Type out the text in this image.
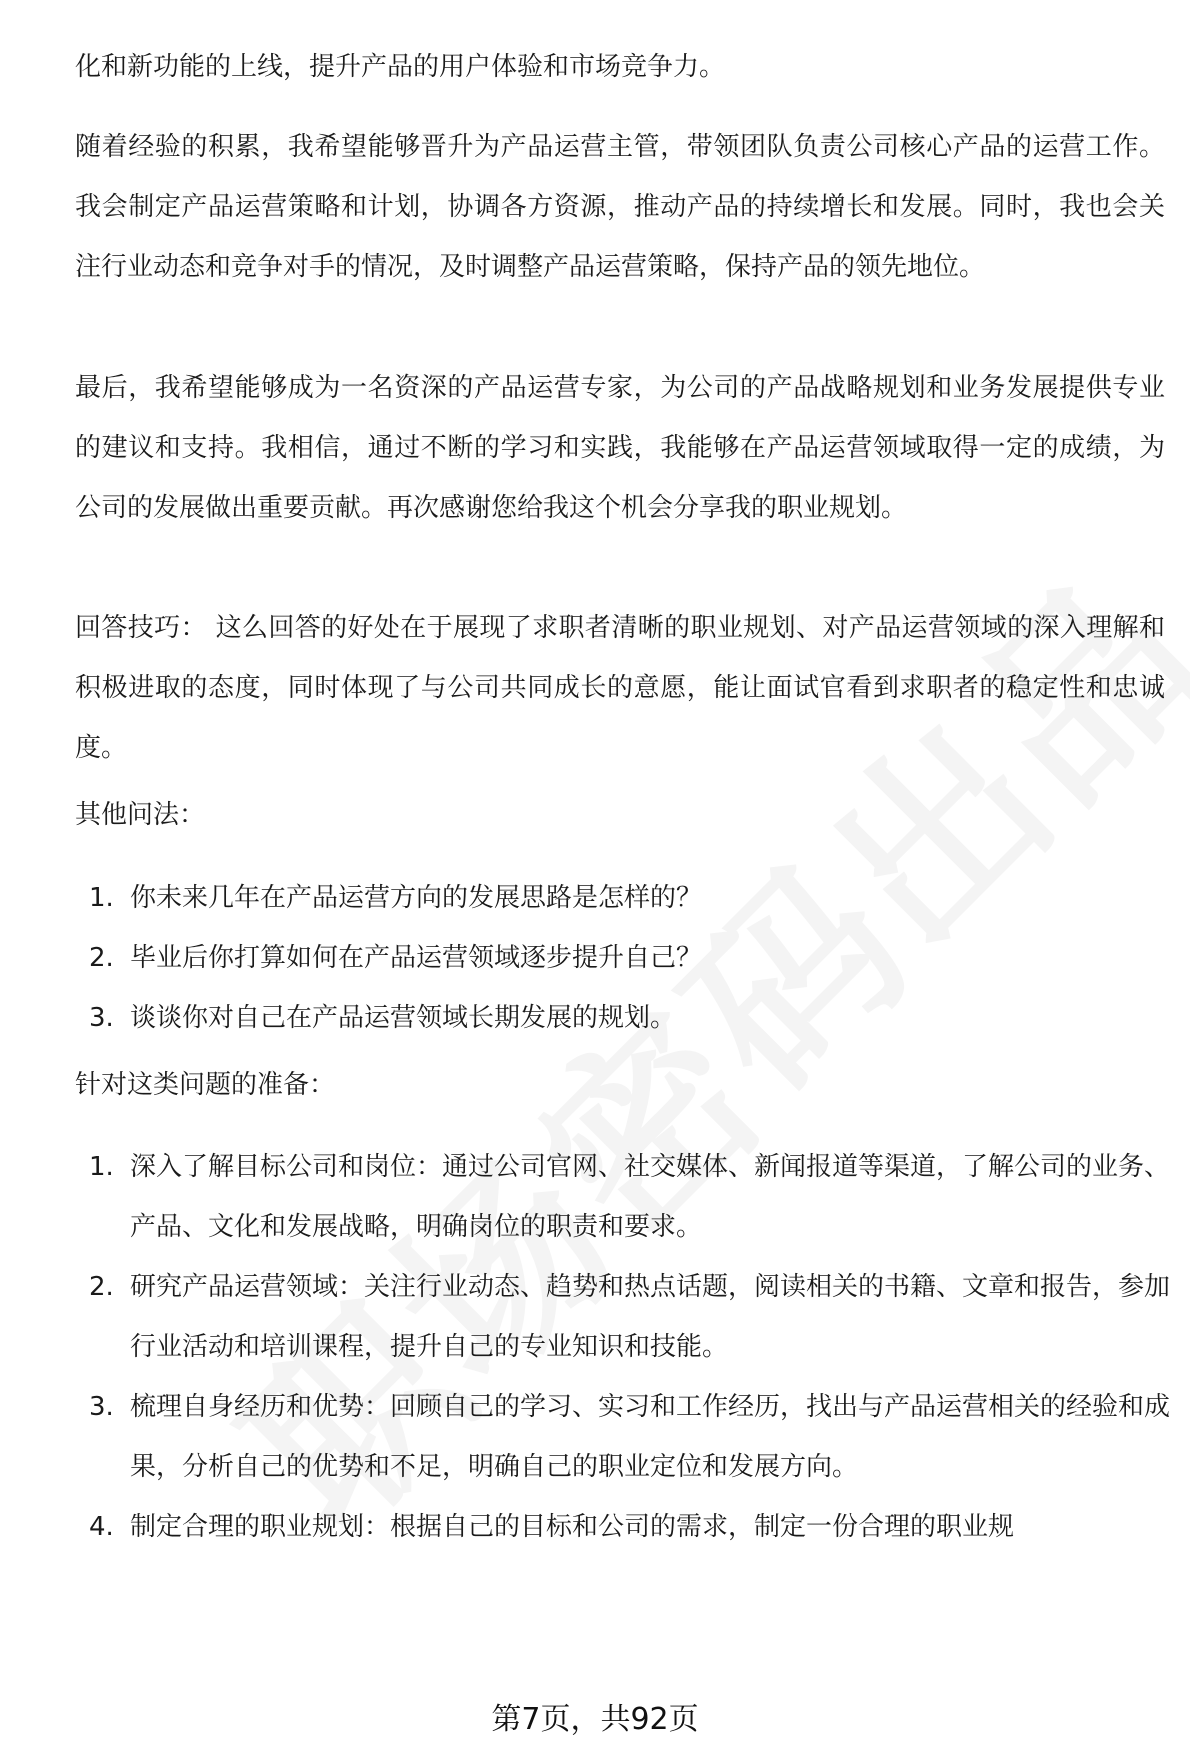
化和新功能的上线，提升产品的用户体验和市场竞争力。

随着经验的积累，我希望能够晋升为产品运营主管，带领团队负责公司核心产品的运营工作。我会制定产品运营策略和计划，协调各方资源，推动产品的持续增长和发展。同时，我也会关注行业动态和竞争对手的情况，及时调整产品运营策略，保持产品的领先地位。

最后，我希望能够成为一名资深的产品运营专家，为公司的产品战略规划和业务发展提供专业的建议和支持。我相信，通过不断的学习和实践，我能够在产品运营领域取得一定的成绩，为公司的发展做出重要贡献。再次感谢您给我这个机会分享我的职业规划。

回答技巧： 这么回答的好处在于展现了求职者清晰的职业规划、对产品运营领域的深入理解和积极进取的态度，同时体现了与公司共同成长的意愿，能让面试官看到求职者的稳定性和忠诚度。

其他问法：

1. 你未来几年在产品运营方向的发展思路是怎样的？
2. 毕业后你打算如何在产品运营领域逐步提升自己？
3. 谈谈你对自己在产品运营领域长期发展的规划。

针对这类问题的准备：

1. 深入了解目标公司和岗位：通过公司官网、社交媒体、新闻报道等渠道，了解公司的业务、产品、文化和发展战略，明确岗位的职责和要求。
2. 研究产品运营领域：关注行业动态、趋势和热点话题，阅读相关的书籍、文章和报告，参加行业活动和培训课程，提升自己的专业知识和技能。
3. 梳理自身经历和优势：回顾自己的学习、实习和工作经历，找出与产品运营相关的经验和成果，分析自己的优势和不足，明确自己的职业定位和发展方向。
4. 制定合理的职业规划：根据自己的目标和公司的需求，制定一份合理的职业规
第7页，共92页
